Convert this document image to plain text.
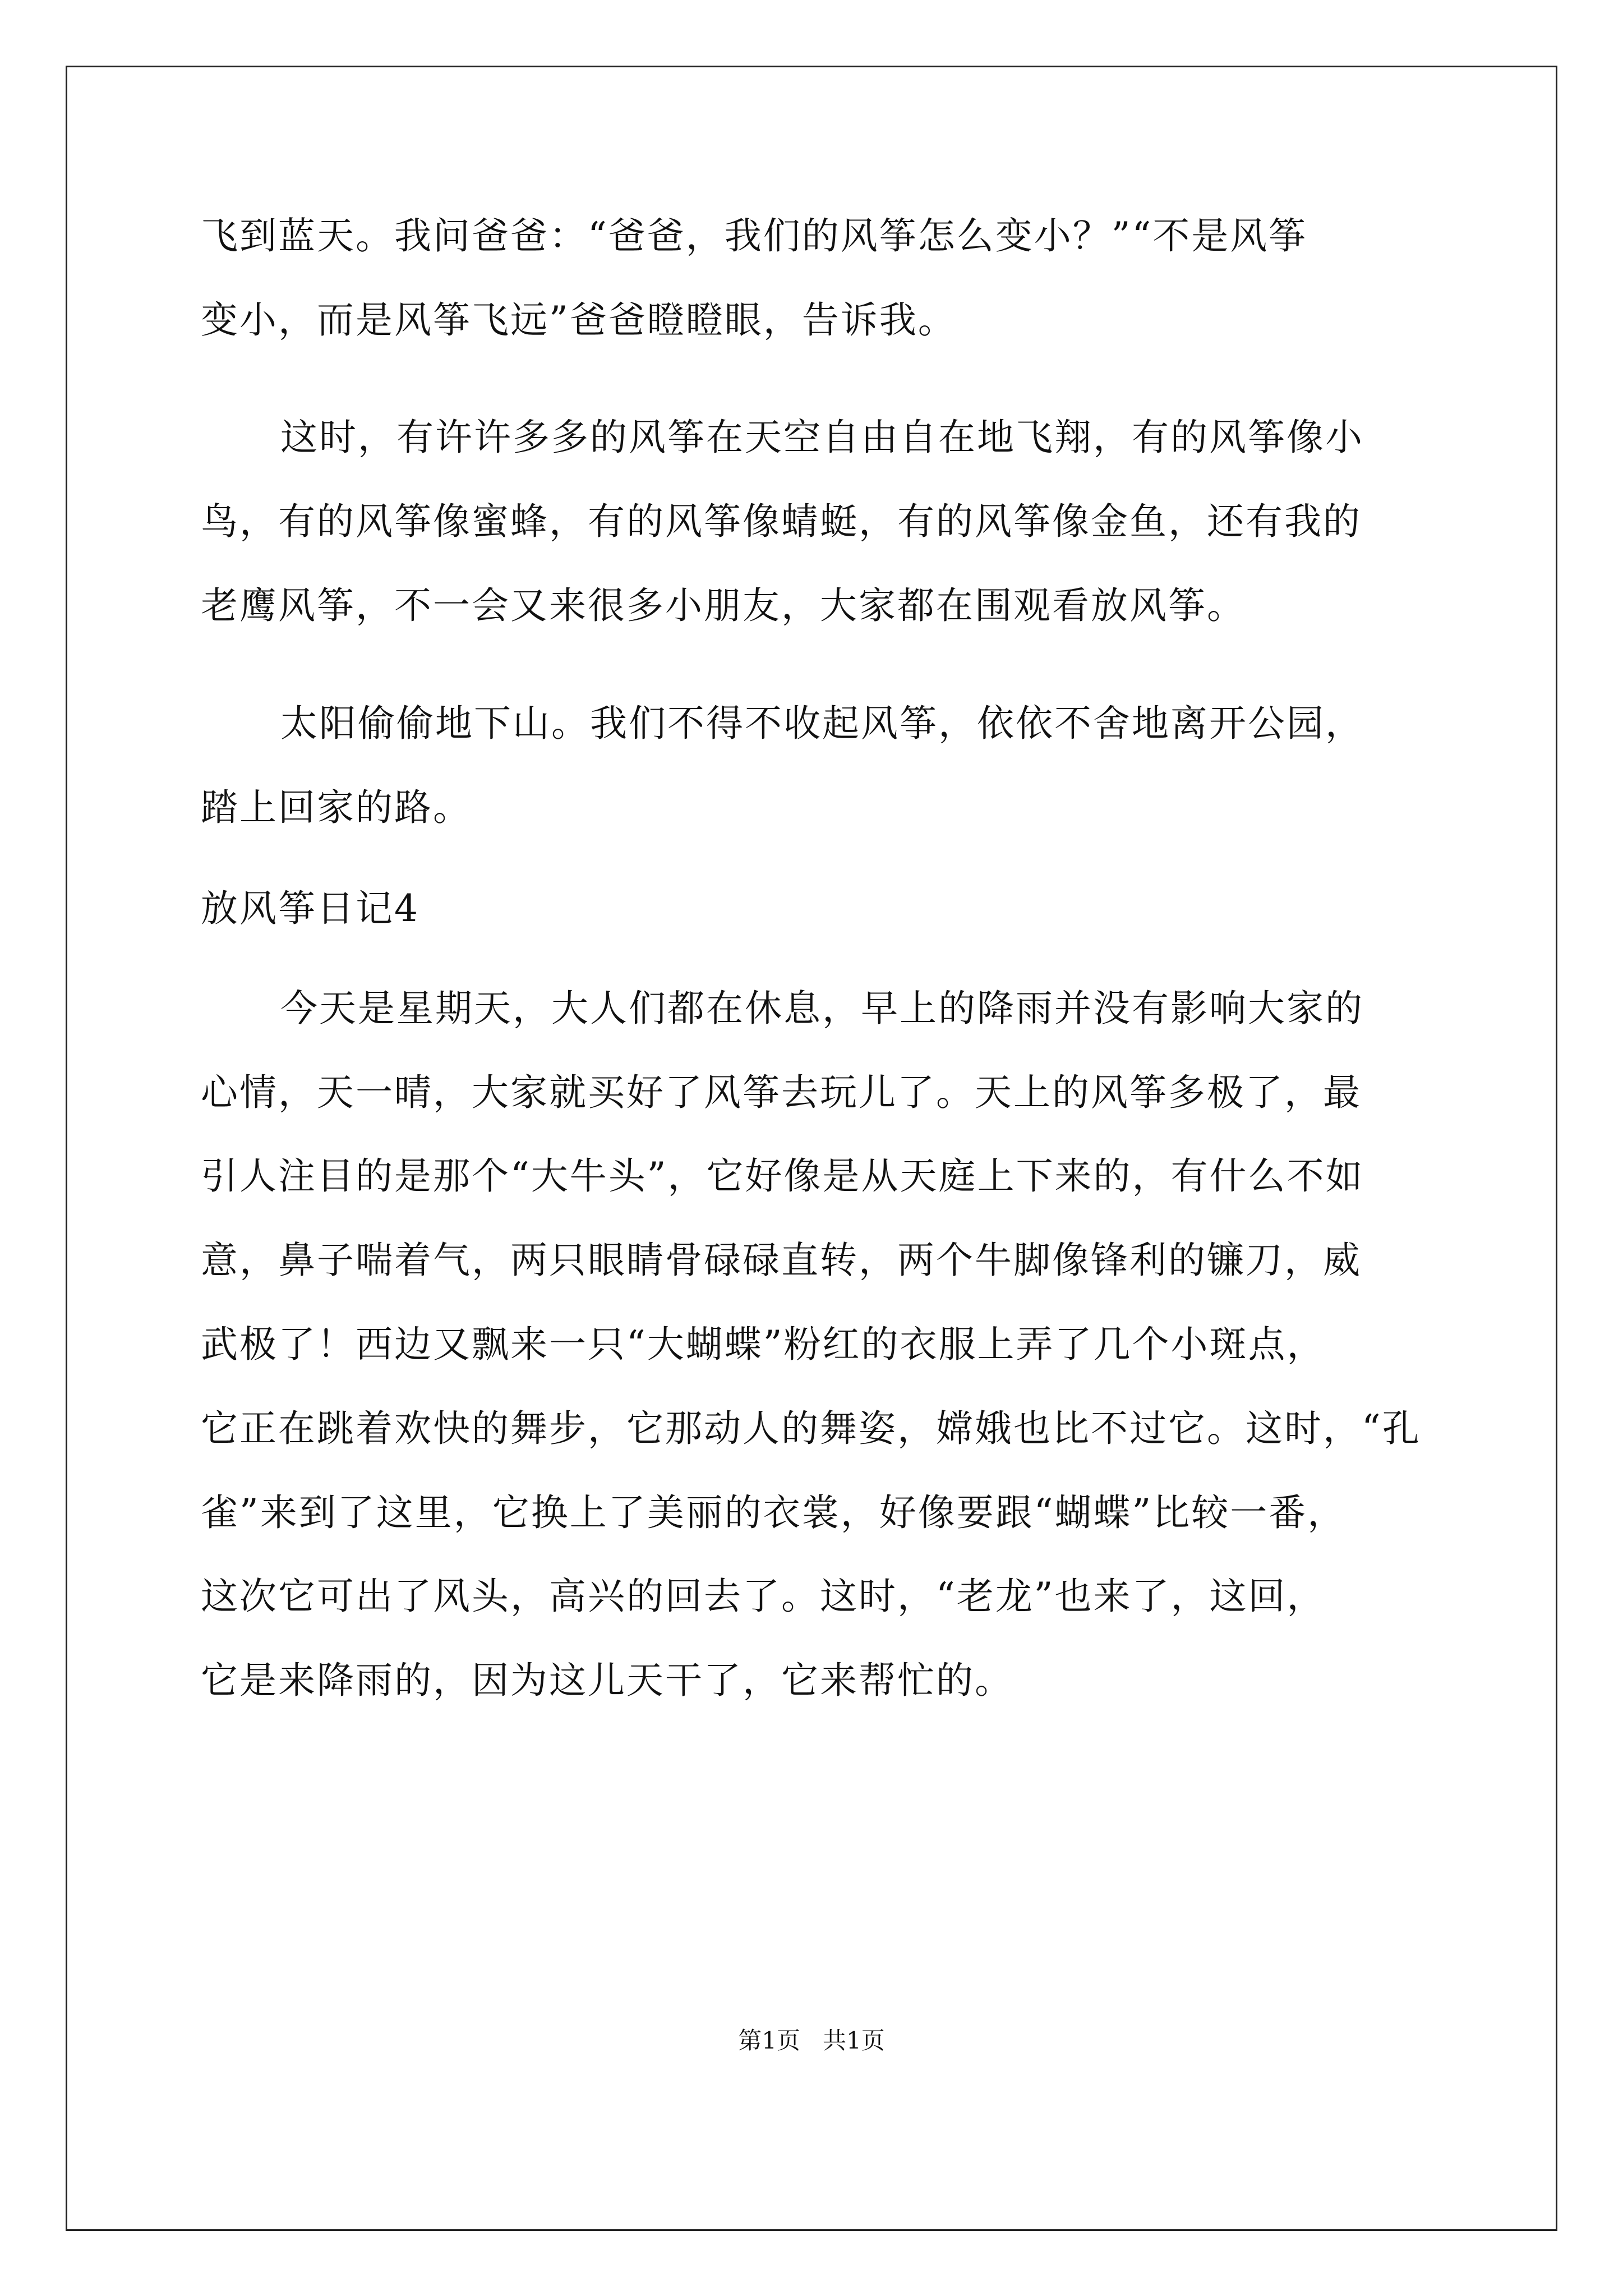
飞到蓝天。我问爸爸：“爸爸，我们的风筝怎么变小？”“不是风筝
变小，而是风筝飞远”爸爸瞪瞪眼，告诉我。
这时，有许许多多的风筝在天空自由自在地飞翔，有的风筝像小
鸟，有的风筝像蜜蜂，有的风筝像蜻蜓，有的风筝像金鱼，还有我的
老鹰风筝，不一会又来很多小朋友，大家都在围观看放风筝。
太阳偷偷地下山。我们不得不收起风筝，依依不舍地离开公园，
踏上回家的路。
放风筝日记4
今天是星期天，大人们都在休息，早上的降雨并没有影响大家的
心情，天一晴，大家就买好了风筝去玩儿了。天上的风筝多极了，最
引人注目的是那个“大牛头”，它好像是从天庭上下来的，有什么不如
意，鼻子喘着气，两只眼睛骨碌碌直转，两个牛脚像锋利的镰刀，威
武极了！西边又飘来一只“大蝴蝶”粉红的衣服上弄了几个小斑点，
它正在跳着欢快的舞步，它那动人的舞姿，嫦娥也比不过它。这时，“孔
雀”来到了这里，它换上了美丽的衣裳，好像要跟“蝴蝶”比较一番，
这次它可出了风头，高兴的回去了。这时，“老龙”也来了，这回，
它是来降雨的，因为这儿天干了，它来帮忙的。
第1页   共1页
